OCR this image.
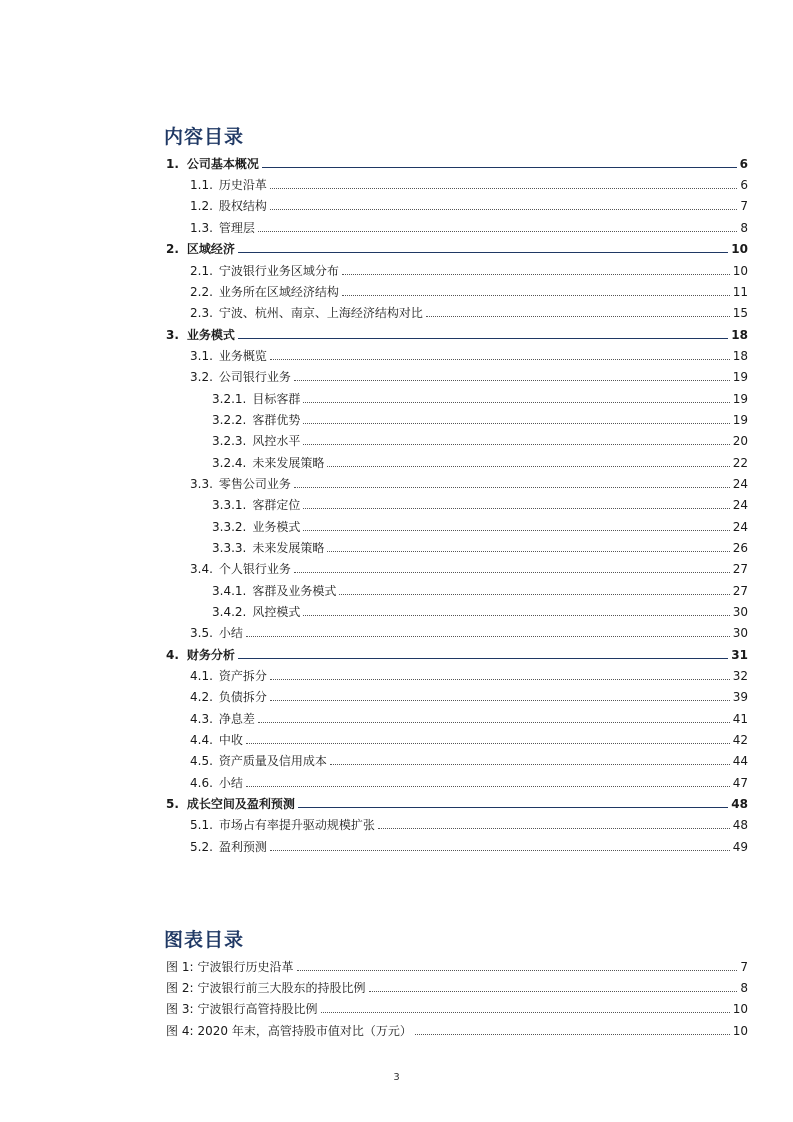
内容目录
1. 公司基本概况	6
1.1. 历史沿革	6
1.2. 股权结构	7
1.3. 管理层	8
2. 区域经济	10
2.1. 宁波银行业务区域分布	10
2.2. 业务所在区域经济结构	11
2.3. 宁波、杭州、南京、上海经济结构对比	15
3. 业务模式	18
3.1. 业务概览	18
3.2. 公司银行业务	19
3.2.1. 目标客群	19
3.2.2. 客群优势	19
3.2.3. 风控水平	20
3.2.4. 未来发展策略	22
3.3. 零售公司业务	24
3.3.1. 客群定位	24
3.3.2. 业务模式	24
3.3.3. 未来发展策略	26
3.4. 个人银行业务	27
3.4.1. 客群及业务模式	27
3.4.2. 风控模式	30
3.5. 小结	30
4. 财务分析	31
4.1. 资产拆分	32
4.2. 负债拆分	39
4.3. 净息差	41
4.4. 中收	42
4.5. 资产质量及信用成本	44
4.6. 小结	47
5. 成长空间及盈利预测	48
5.1. 市场占有率提升驱动规模扩张	48
5.2. 盈利预测	49
图表目录
图 1: 宁波银行历史沿革	7
图 2: 宁波银行前三大股东的持股比例	8
图 3: 宁波银行高管持股比例	10
图 4: 2020 年末，高管持股市值对比（万元）	10
3
